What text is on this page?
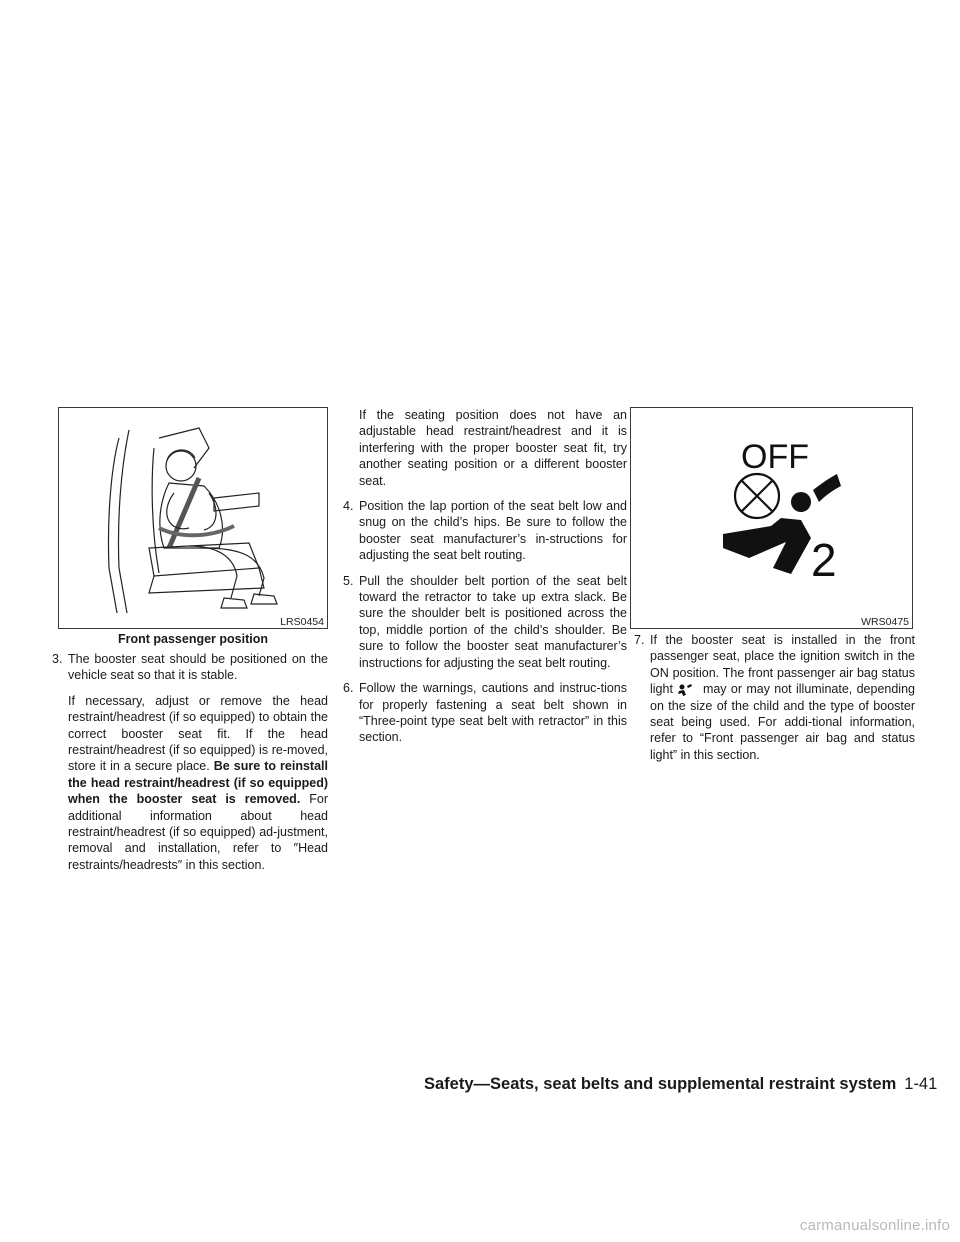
LRS0454
Front passenger position

3. The booster seat should be positioned on the vehicle seat so that it is stable.

If necessary, adjust or remove the head restraint/headrest (if so equipped) to obtain the correct booster seat fit. If the head restraint/headrest (if so equipped) is re-moved, store it in a secure place. Be sure to reinstall the head restraint/headrest (if so equipped) when the booster seat is removed. For additional information about head restraint/headrest (if so equipped) ad-justment, removal and installation, refer to ″Head restraints/headrests″ in this section.

If the seating position does not have an adjustable head restraint/headrest and it is interfering with the proper booster seat fit, try another seating position or a different booster seat.

4. Position the lap portion of the seat belt low and snug on the child’s hips. Be sure to follow the booster seat manufacturer’s in-structions for adjusting the seat belt routing.

5. Pull the shoulder belt portion of the seat belt toward the retractor to take up extra slack. Be sure the shoulder belt is positioned across the top, middle portion of the child’s shoulder. Be sure to follow the booster seat manufacturer’s instructions for adjusting the seat belt routing.

6. Follow the warnings, cautions and instruc-tions for properly fastening a seat belt shown in “Three-point type seat belt with retractor” in this section.

OFF
2
WRS0475

7. If the booster seat is installed in the front passenger seat, place the ignition switch in the ON position. The front passenger air bag status light may or may not illuminate, depending on the size of the child and the type of booster seat being used. For addi-tional information, refer to “Front passenger air bag and status light” in this section.

Safety—Seats, seat belts and supplemental restraint system 1-41
carmanualsonline.info
